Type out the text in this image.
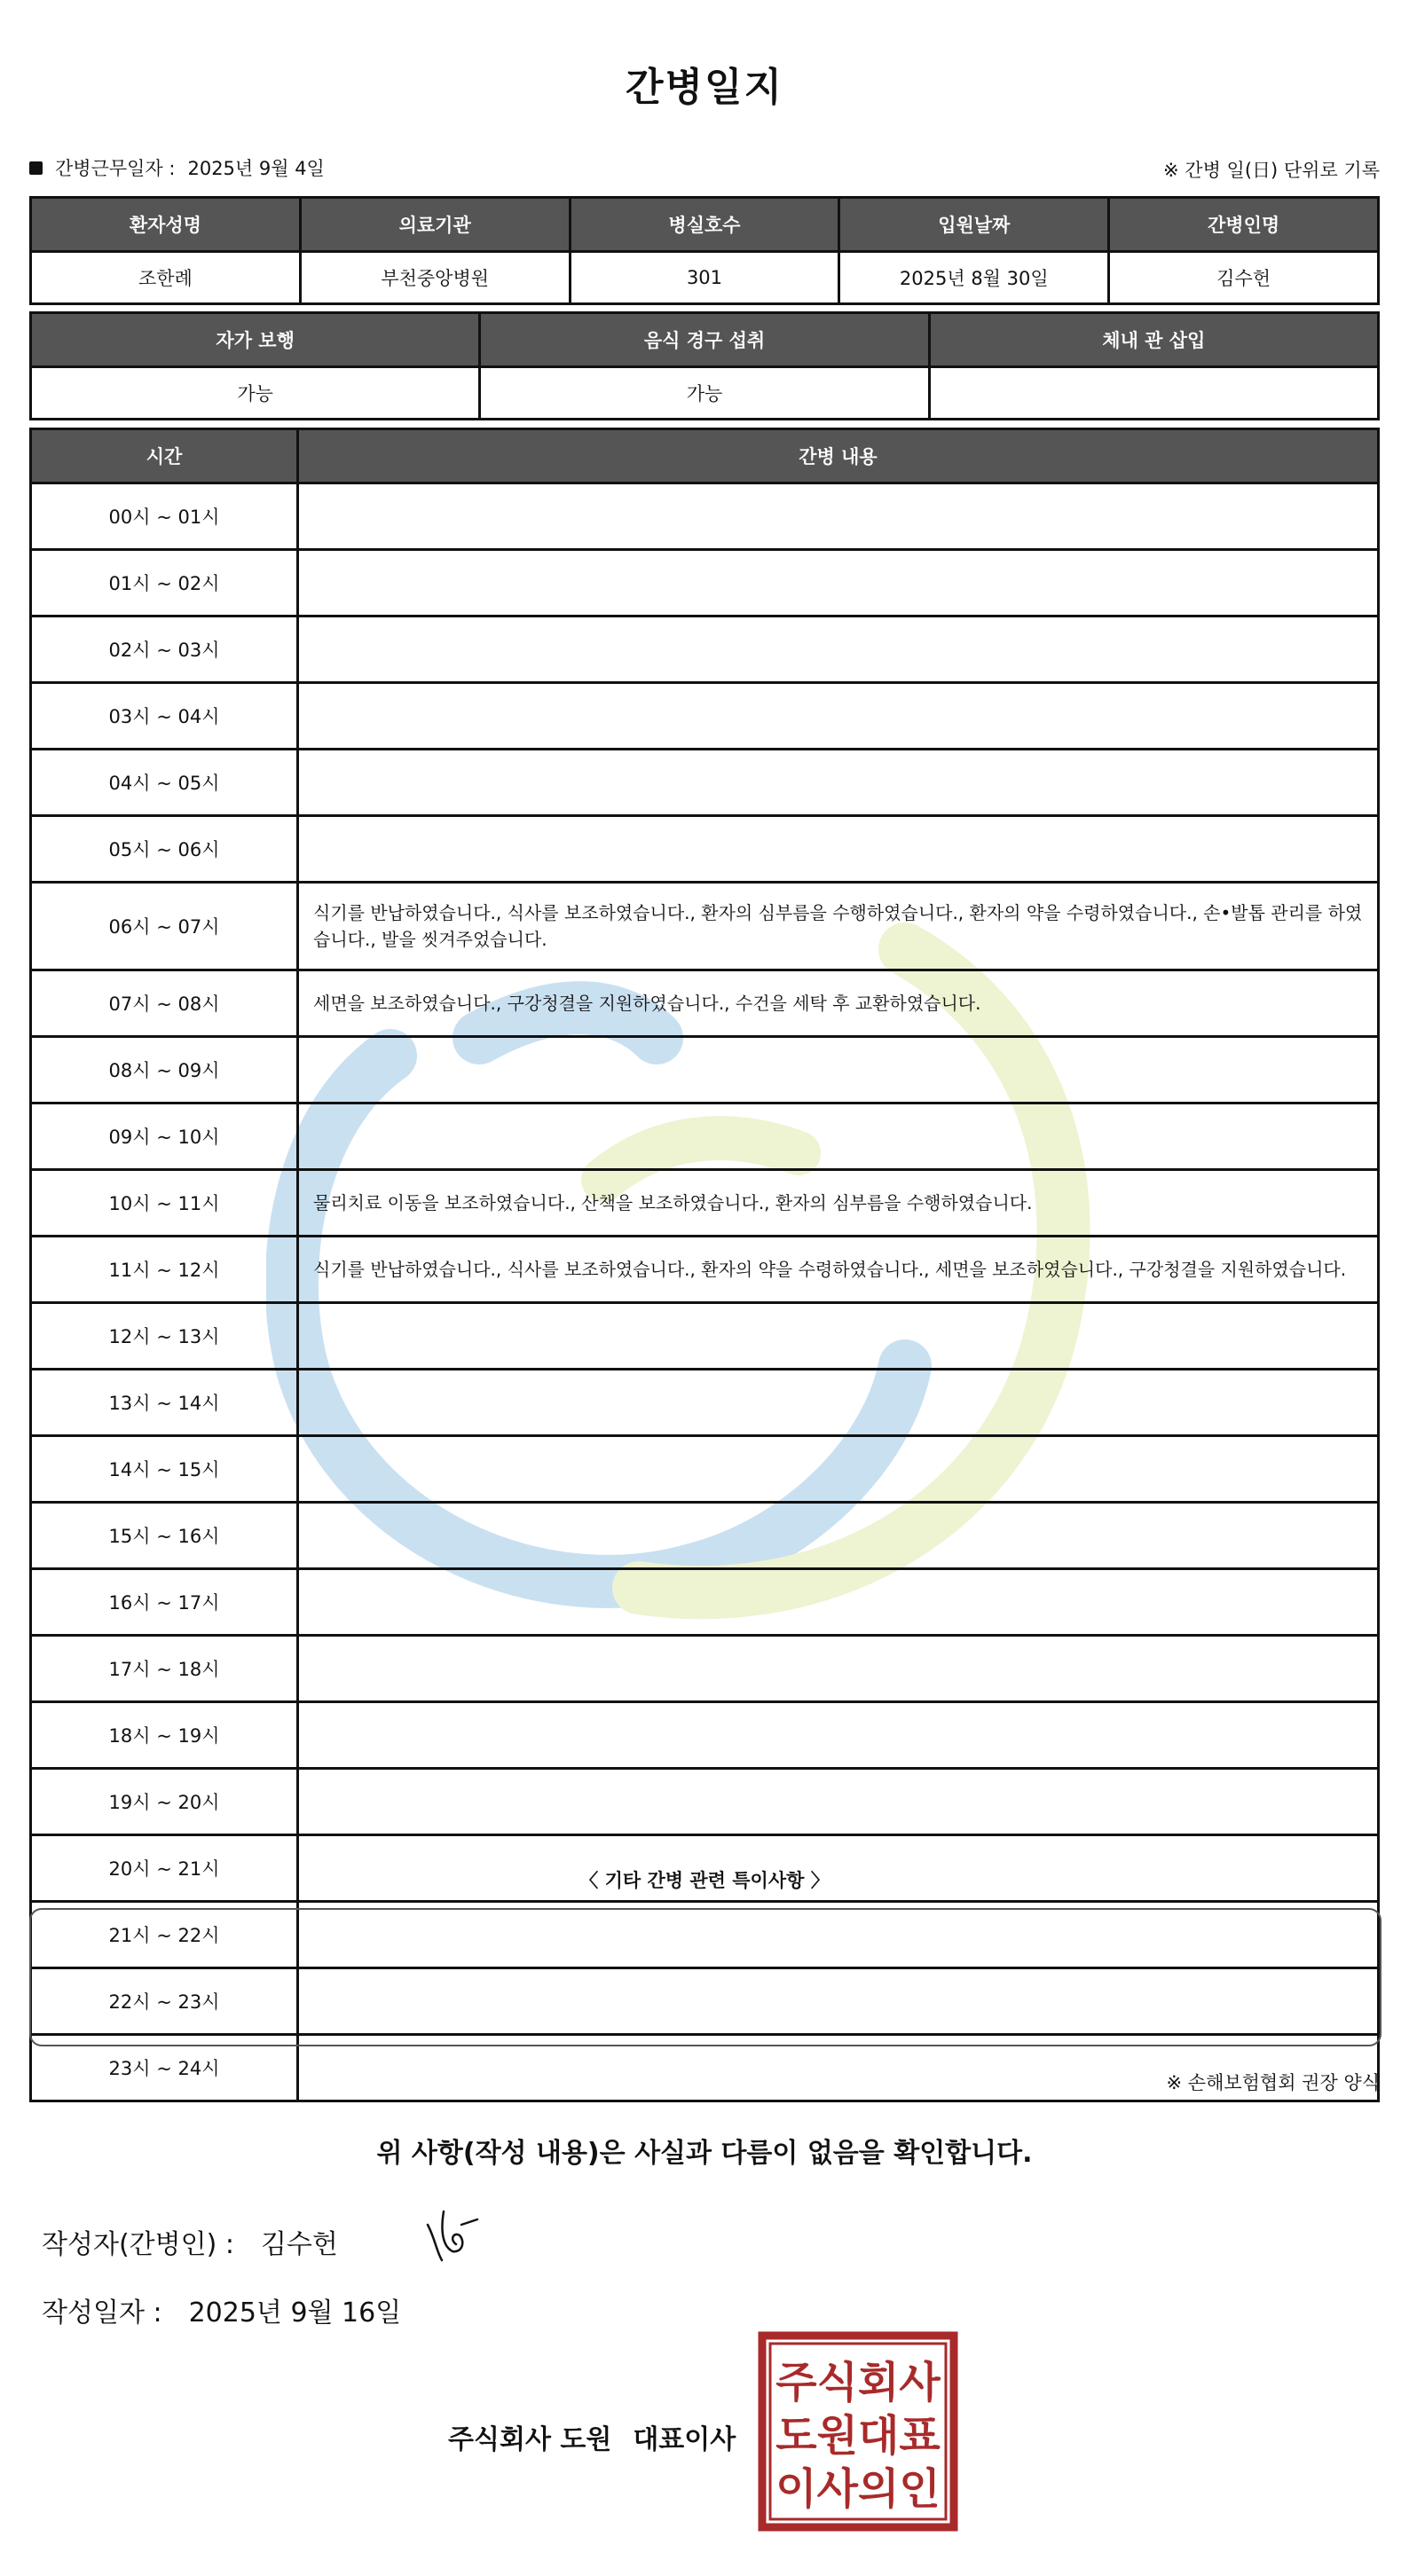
간병일지
간병근무일자 : 2025년 9월 4일	※ 간병 일(日) 단위로 기록
환자성명	의료기관	병실호수	입원날짜	간병인명
조한례	부천중앙병원	301	2025년 8월 30일	김수헌
자가 보행	음식 경구 섭취	체내 관 삽입
가능	가능	
시간	간병 내용
00시 ~ 01시	
01시 ~ 02시	
02시 ~ 03시	
03시 ~ 04시	
04시 ~ 05시	
05시 ~ 06시	
06시 ~ 07시	식기를 반납하였습니다., 식사를 보조하였습니다., 환자의 심부름을 수행하였습니다., 환자의 약을 수령하였습니다., 손•발톱 관리를 하였습니다., 발을 씻겨주었습니다.
07시 ~ 08시	세면을 보조하였습니다., 구강청결을 지원하였습니다., 수건을 세탁 후 교환하였습니다.
08시 ~ 09시	
09시 ~ 10시	
10시 ~ 11시	물리치료 이동을 보조하였습니다., 산책을 보조하였습니다., 환자의 심부름을 수행하였습니다.
11시 ~ 12시	식기를 반납하였습니다., 식사를 보조하였습니다., 환자의 약을 수령하였습니다., 세면을 보조하였습니다., 구강청결을 지원하였습니다.
12시 ~ 13시	
13시 ~ 14시	
14시 ~ 15시	
15시 ~ 16시	
16시 ~ 17시	
17시 ~ 18시	
18시 ~ 19시	
19시 ~ 20시	
20시 ~ 21시	
21시 ~ 22시	
22시 ~ 23시	
23시 ~ 24시	
〈 기타 간병 관련 특이사항 〉
※ 손해보험협회 권장 양식
위 사항(작성 내용)은 사실과 다름이 없음을 확인합니다.
작성자(간병인) : 김수헌
작성일자 : 2025년 9월 16일
주식회사 도원 대표이사
주식회사
도원대표
이사의인
